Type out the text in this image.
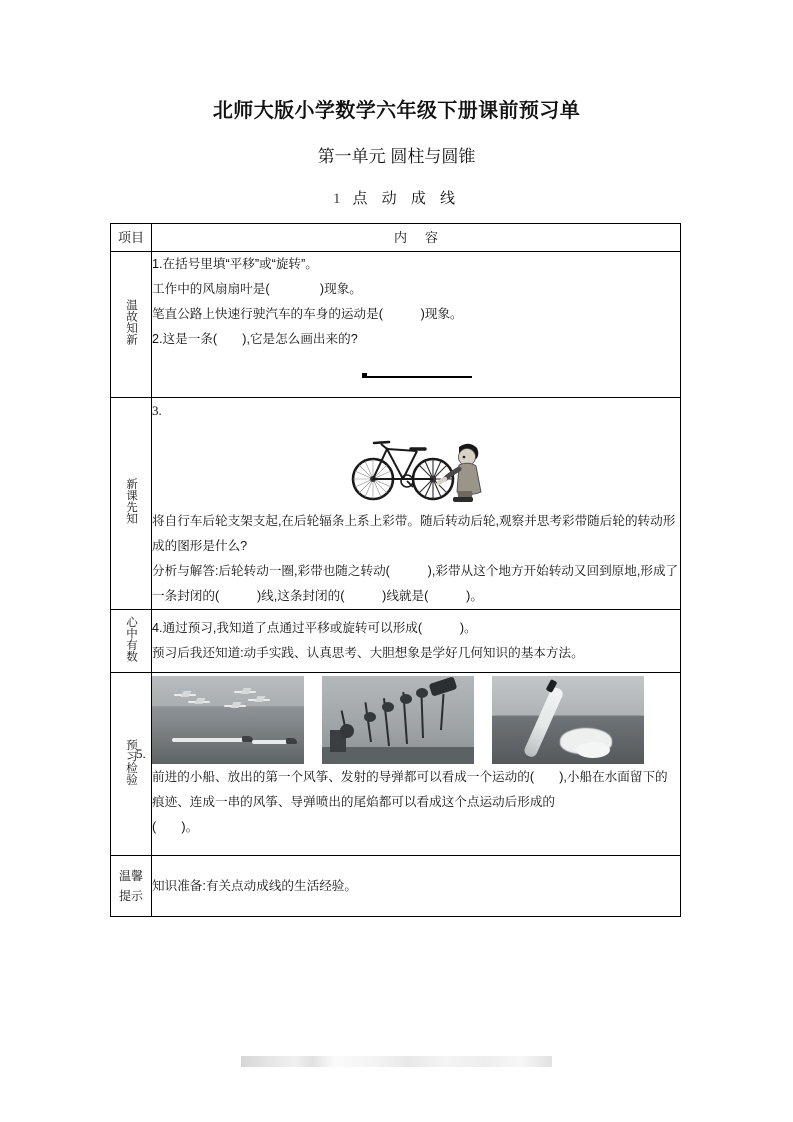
北师大版小学数学六年级下册课前预习单
第一单元 圆柱与圆锥
1 点 动 成 线
项目	内 容
温故知新	1.在括号里填“平移”或“旋转”。

工作中的风扇扇叶是(　　　　)现象。

笔直公路上快速行驶汽车的车身的运动是(　　　)现象。

2.这是一条(　　),它是怎么画出来的?

新课先知	3.

将自行车后轮支架支起,在后轮辐条上系上彩带。随后转动后轮,观察并思考彩带随后轮的转动形成的图形是什么?

分析与解答:后轮转动一圈,彩带也随之转动(　　　),彩带从这个地方开始转动又回到原地,形成了一条封闭的(　　　)线,这条封闭的(　　　)线就是(　　　)。

心中有数	4.通过预习,我知道了点通过平移或旋转可以形成(　　　)。

预习后我还知道:动手实践、认真思考、大胆想象是学好几何知识的基本方法。

预习检验	5.

前进的小船、放出的第一个风筝、发射的导弹都可以看成一个运动的(　　),小船在水面留下的痕迹、连成一串的风筝、导弹喷出的尾焰都可以看成这个点运动后形成的

(　　)。

温馨
提示	知识准备:有关点动成线的生活经验。
